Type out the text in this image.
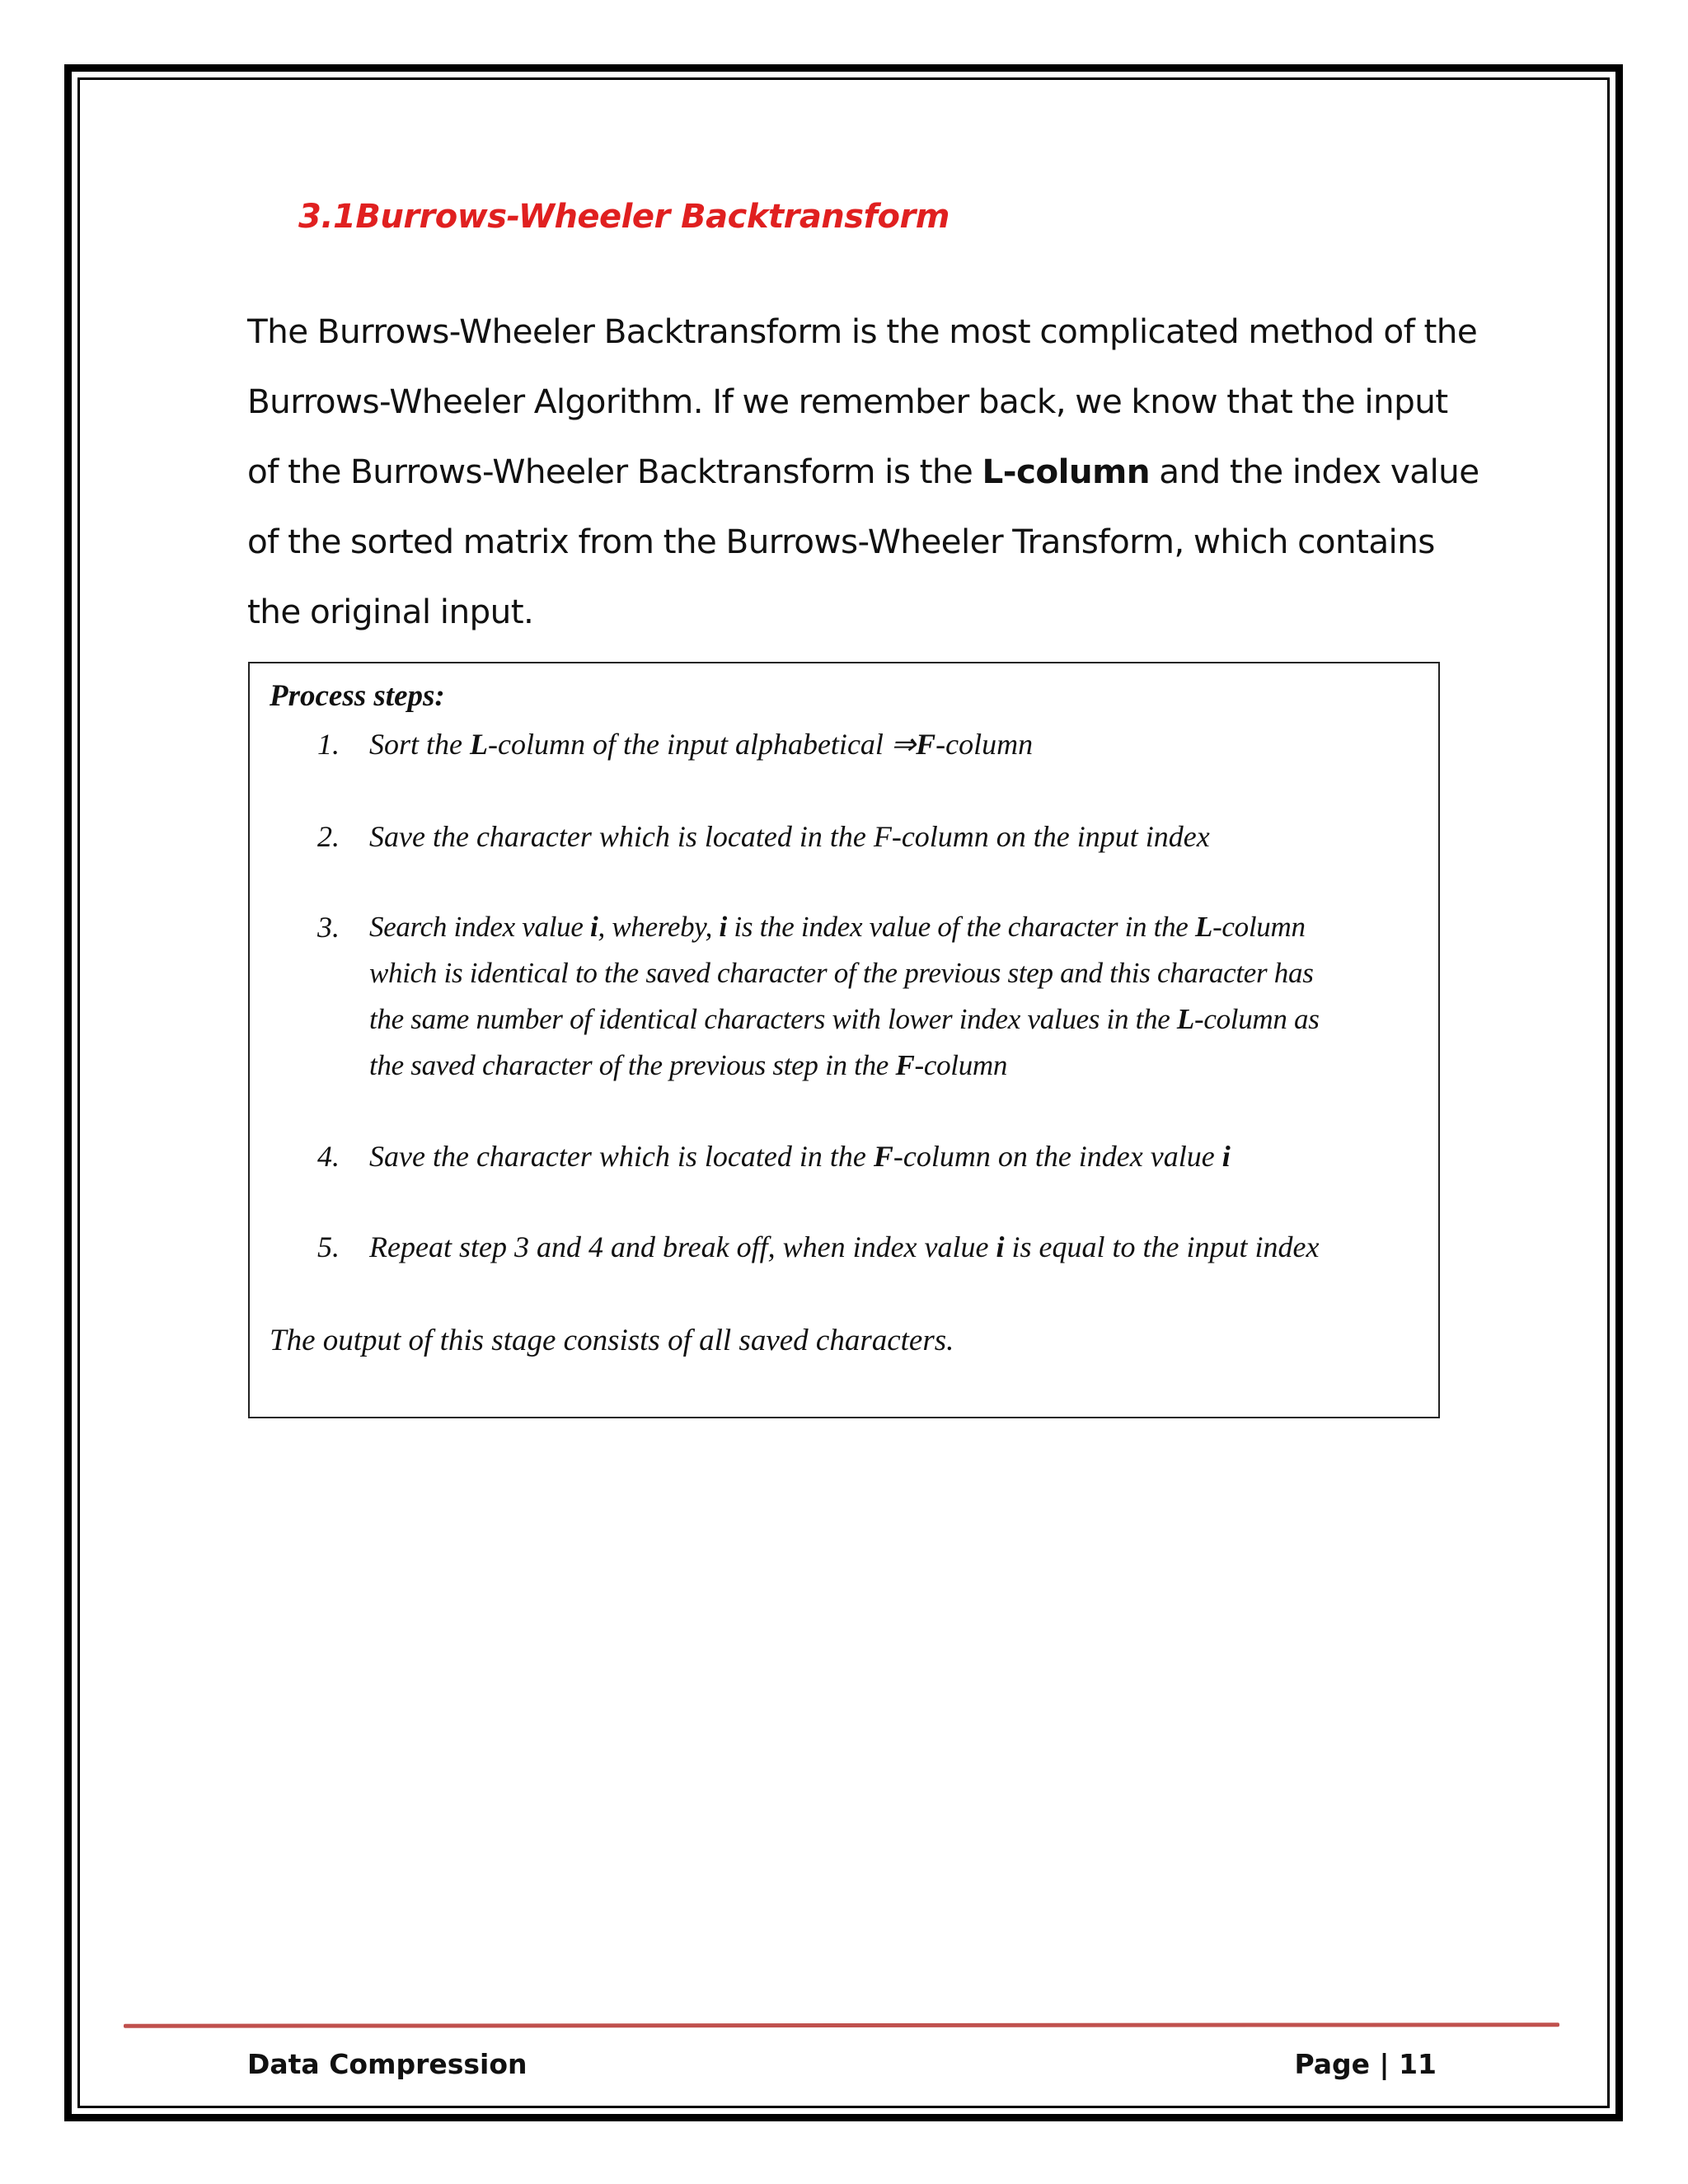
3.1Burrows-Wheeler Backtransform

The Burrows-Wheeler Backtransform is the most complicated method of the
Burrows-Wheeler Algorithm. If we remember back, we know that the input
of the Burrows-Wheeler Backtransform is the L-column and the index value
of the sorted matrix from the Burrows-Wheeler Transform, which contains
the original input.

Process steps:

1. Sort the L-column of the input alphabetical ⇒F-column
2. Save the character which is located in the F-column on the input index
3. Search index value i, whereby, i is the index value of the character in the L-column
which is identical to the saved character of the previous step and this character has
the same number of identical characters with lower index values in the L-column as
the saved character of the previous step in the F-column
4. Save the character which is located in the F-column on the index value i
5. Repeat step 3 and 4 and break off, when index value i is equal to the input index

The output of this stage consists of all saved characters.

Data Compression	Page | 11
